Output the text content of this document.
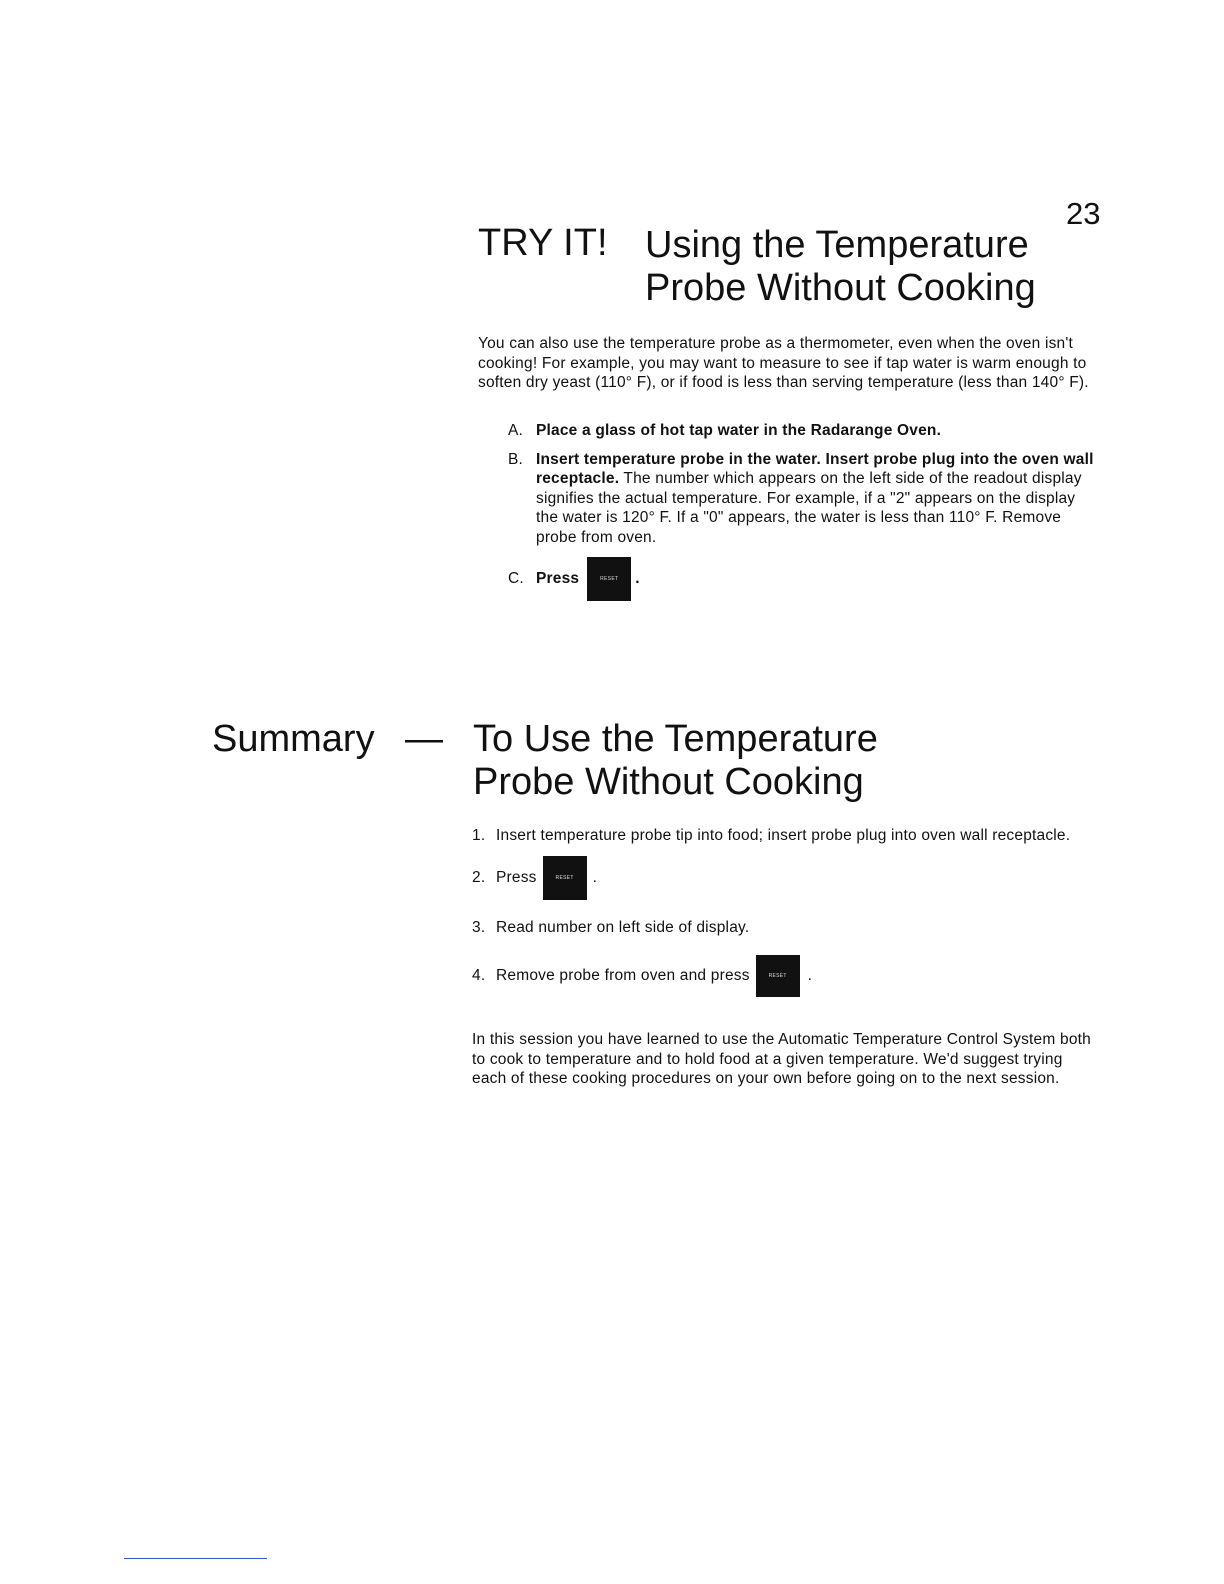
23
TRY IT! Using the Temperature
Probe Without Cooking
You can also use the temperature probe as a thermometer, even when the oven isn't cooking! For example, you may want to measure to see if tap water is warm enough to soften dry yeast (110° F), or if food is less than serving temperature (less than 140° F).
A. Place a glass of hot tap water in the Radarange Oven.
B. Insert temperature probe in the water. Insert probe plug into the oven wall receptacle. The number which appears on the left side of the readout display signifies the actual temperature. For example, if a "2" appears on the display the water is 120° F. If a "0" appears, the water is less than 110° F. Remove probe from oven.
C. Press	RESET	.
Summary — To Use the Temperature
Probe Without Cooking
1. Insert temperature probe tip into food; insert probe plug into oven wall receptacle.
2. Press	RESET	.
3. Read number on left side of display.
4. Remove probe from oven and press	RESET	.
In this session you have learned to use the Automatic Temperature Control System both to cook to temperature and to hold food at a given temperature. We'd suggest trying each of these cooking procedures on your own before going on to the next session.
